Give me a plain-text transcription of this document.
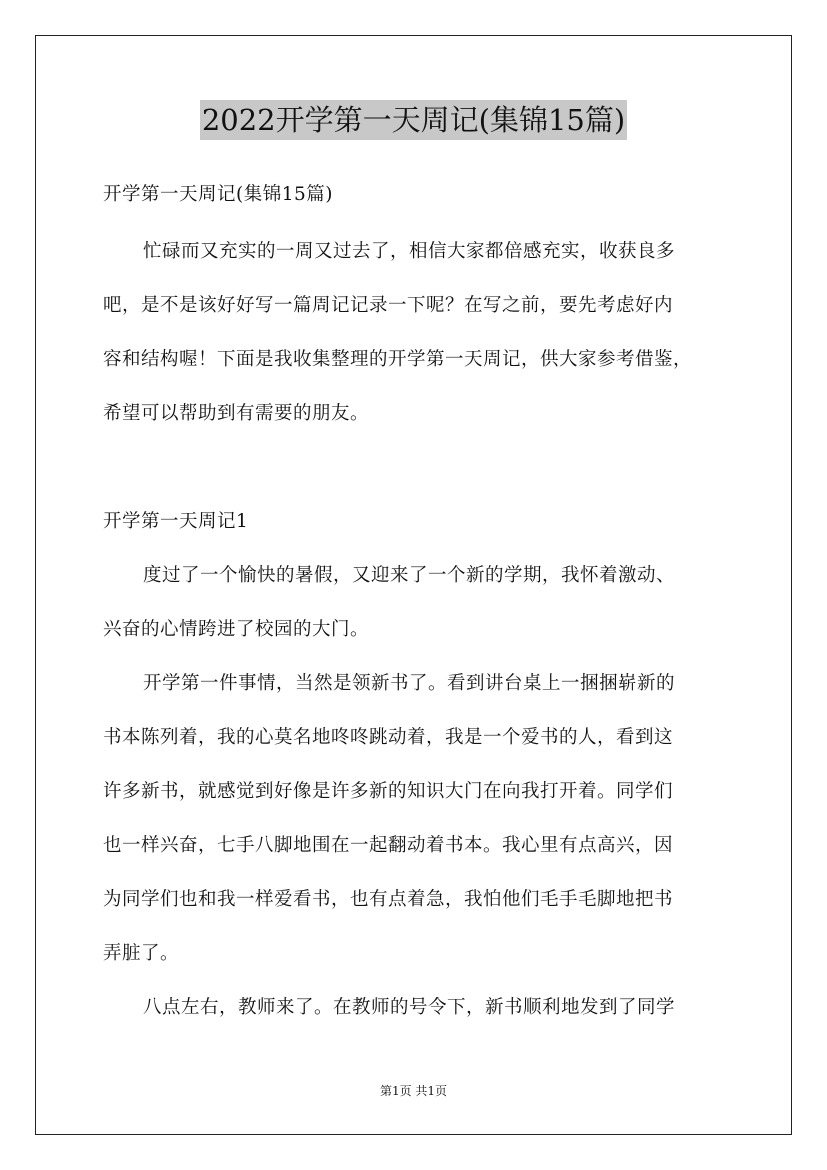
2022开学第一天周记(集锦15篇)
开学第一天周记(集锦15篇)
忙碌而又充实的一周又过去了，相信大家都倍感充实，收获良多
吧，是不是该好好写一篇周记记录一下呢？在写之前，要先考虑好内
容和结构喔！下面是我收集整理的开学第一天周记，供大家参考借鉴，
希望可以帮助到有需要的朋友。
开学第一天周记1
度过了一个愉快的暑假，又迎来了一个新的学期，我怀着激动、
兴奋的心情跨进了校园的大门。
开学第一件事情，当然是领新书了。看到讲台桌上一捆捆崭新的
书本陈列着，我的心莫名地咚咚跳动着，我是一个爱书的人，看到这
许多新书，就感觉到好像是许多新的知识大门在向我打开着。同学们
也一样兴奋，七手八脚地围在一起翻动着书本。我心里有点高兴，因
为同学们也和我一样爱看书，也有点着急，我怕他们毛手毛脚地把书
弄脏了。
八点左右，教师来了。在教师的号令下，新书顺利地发到了同学
第1页 共1页
